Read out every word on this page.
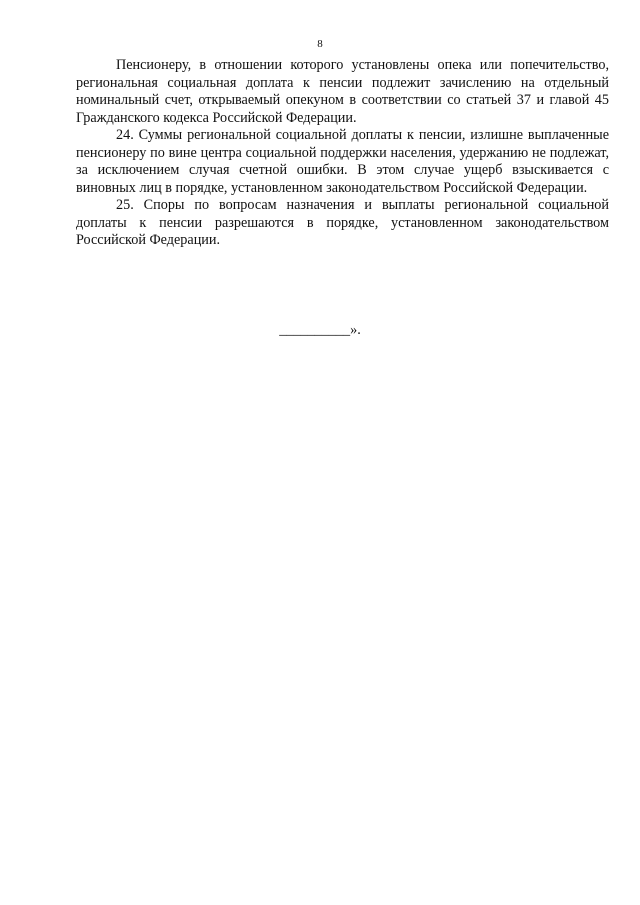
8

Пенсионеру, в отношении которого установлены опека или попечительство, региональная социальная доплата к пенсии подлежит зачислению на отдельный номинальный счет, открываемый опекуном в соответствии со статьей 37 и главой 45 Гражданского кодекса Российской Федерации.

24. Суммы региональной социальной доплаты к пенсии, излишне выплаченные пенсионеру по вине центра социальной поддержки населения, удержанию не подлежат, за исключением случая счетной ошибки. В этом случае ущерб взыскивается с виновных лиц в порядке, установленном законодательством Российской Федерации.

25. Споры по вопросам назначения и выплаты региональной социальной доплаты к пенсии разрешаются в порядке, установленном законодательством Российской Федерации.

__________».
